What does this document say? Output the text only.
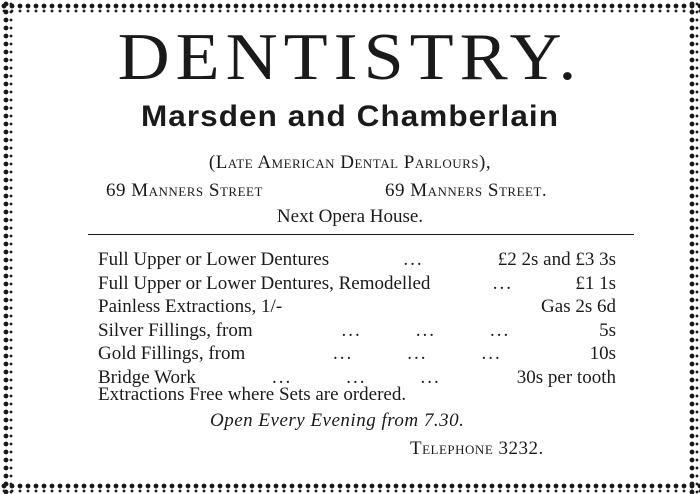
DENTISTRY.
Marsden and Chamberlain
(Late American Dental Parlours),
69 Manners Street	69 Manners Street.
Next Opera House.
Full Upper or Lower Dentures	...	£2 2s and £3 3s
Full Upper or Lower Dentures, Remodelled	...	£1 1s
Painless Extractions, 1/-	Gas 2s 6d
Silver Fillings, from	...        ...        ...	5s
Gold Fillings, from	...        ...        ...	10s
Bridge Work	...        ...        ...	30s per tooth
Extractions Free where Sets are ordered.
Open Every Evening from 7.30.
Telephone 3232.
